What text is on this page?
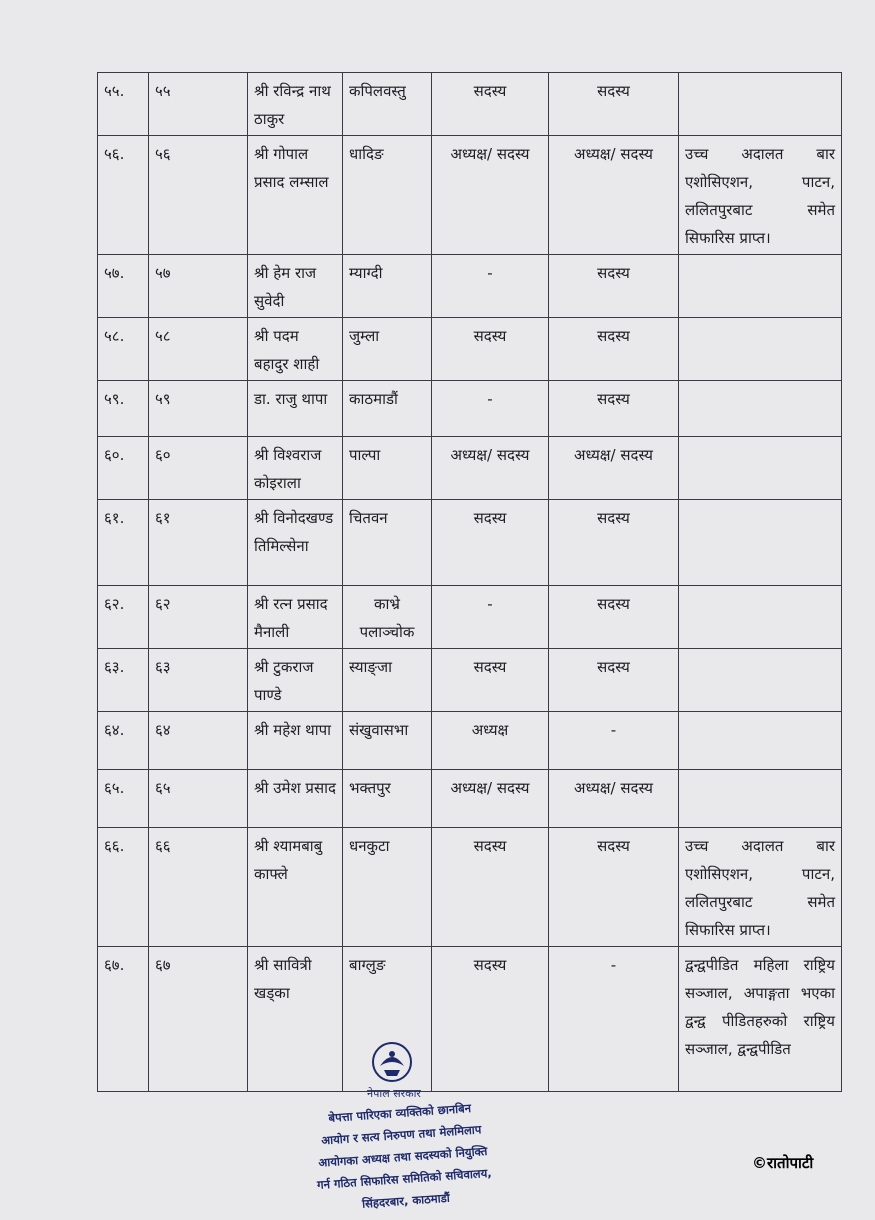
५५.	५५	श्री रविन्द्र नाथ ठाकुर	कपिलवस्तु	सदस्य	सदस्य	
५६.	५६	श्री गोपाल प्रसाद लम्साल	धादिङ	अध्यक्ष/ सदस्य	अध्यक्ष/ सदस्य	उच्च अदालत बार एशोसिएशन, पाटन, ललितपुरबाट समेत सिफारिस प्राप्त।
५७.	५७	श्री हेम राज सुवेदी	म्याग्दी	-	सदस्य	
५८.	५८	श्री पदम बहादुर शाही	जुम्ला	सदस्य	सदस्य	
५९.	५९	डा. राजु थापा	काठमाडौं	-	सदस्य	
६०.	६०	श्री विश्वराज कोइराला	पाल्पा	अध्यक्ष/ सदस्य	अध्यक्ष/ सदस्य	
६१.	६१	श्री विनोदखण्ड तिमिल्सेना	चितवन	सदस्य	सदस्य	
६२.	६२	श्री रत्न प्रसाद मैनाली	काभ्रे पलाञ्चोक	-	सदस्य	
६३.	६३	श्री टुकराज पाण्डे	स्याङ्जा	सदस्य	सदस्य	
६४.	६४	श्री महेश थापा	संखुवासभा	अध्यक्ष	-	
६५.	६५	श्री उमेश प्रसाद	भक्तपुर	अध्यक्ष/ सदस्य	अध्यक्ष/ सदस्य	
६६.	६६	श्री श्यामबाबु काफ्ले	धनकुटा	सदस्य	सदस्य	उच्च अदालत बार एशोसिएशन, पाटन, ललितपुरबाट समेत सिफारिस प्राप्त।
६७.	६७	श्री सावित्री खड्का	बाग्लुङ	सदस्य	-	द्वन्द्वपीडित महिला राष्ट्रिय सञ्जाल, अपाङ्गता भएका द्वन्द्व पीडितहरुको राष्ट्रिय सञ्जाल, द्वन्द्वपीडित
नेपाल सरकार
बेपत्ता पारिएका व्यक्तिको छानबिन
आयोग र सत्य निरुपण तथा मेलमिलाप
आयोगका अध्यक्ष तथा सदस्यको नियुक्ति
गर्न गठित सिफारिस समितिको सचिवालय,
सिंहदरबार, काठमाडौं
©रातोपाटी
